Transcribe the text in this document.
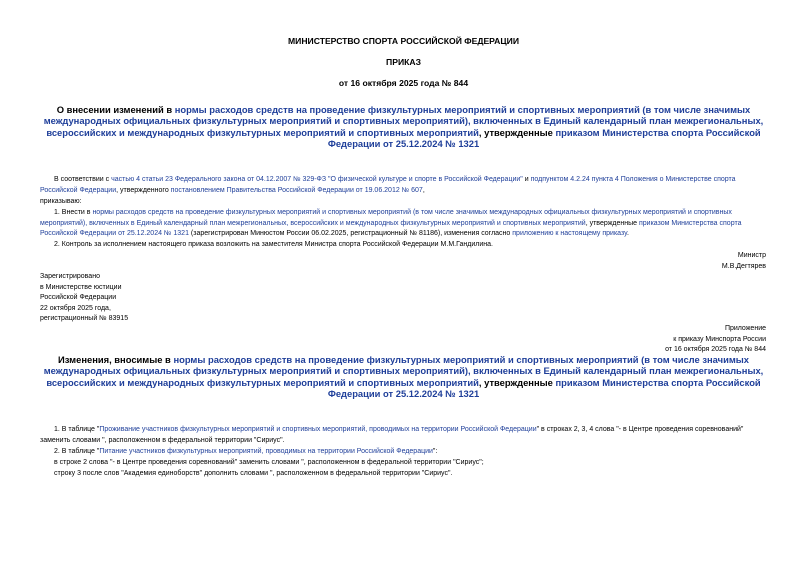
МИНИСТЕРСТВО СПОРТА РОССИЙСКОЙ ФЕДЕРАЦИИ
ПРИКАЗ
от 16 октября 2025 года № 844
О внесении изменений в нормы расходов средств на проведение физкультурных мероприятий и спортивных мероприятий (в том числе значимых международных официальных физкультурных мероприятий и спортивных мероприятий), включенных в Единый календарный план межрегиональных, всероссийских и международных физкультурных мероприятий и спортивных мероприятий, утвержденные приказом Министерства спорта Российской Федерации от 25.12.2024 № 1321
В соответствии с частью 4 статьи 23 Федерального закона от 04.12.2007 № 329-ФЗ "О физической культуре и спорте в Российской Федерации" и подпунктом 4.2.24 пункта 4 Положения о Министерстве спорта
Российской Федерации, утвержденного постановлением Правительства Российской Федерации от 19.06.2012 № 607,
приказываю:
1. Внести в нормы расходов средств на проведение физкультурных мероприятий и спортивных мероприятий (в том числе значимых международных официальных физкультурных мероприятий и спортивных
мероприятий), включенных в Единый календарный план межрегиональных, всероссийских и международных физкультурных мероприятий и спортивных мероприятий, утвержденные приказом Министерства спорта
Российской Федерации от 25.12.2024 № 1321 (зарегистрирован Минюстом России 06.02.2025, регистрационный № 81186), изменения согласно приложению к настоящему приказу.
2. Контроль за исполнением настоящего приказа возложить на заместителя Министра спорта Российской Федерации М.М.Гандилина.
Министр
М.В.Дегтярев
Зарегистрировано
в Министерстве юстиции
Российской Федерации
22 октября 2025 года,
регистрационный № 83915
Приложение
к приказу Минспорта России
от 16 октября 2025 года № 844
Изменения, вносимые в нормы расходов средств на проведение физкультурных мероприятий и спортивных мероприятий (в том числе значимых международных официальных физкультурных мероприятий и спортивных мероприятий), включенных в Единый календарный план межрегиональных, всероссийских и международных физкультурных мероприятий и спортивных мероприятий, утвержденные приказом Министерства спорта Российской Федерации от 25.12.2024 № 1321
1. В таблице "Проживание участников физкультурных мероприятий и спортивных мероприятий, проводимых на территории Российской Федерации" в строках 2, 3, 4 слова "- в Центре проведения соревнований"
заменить словами ", расположенном в федеральной территории "Сириус".
2. В таблице "Питание участников физкультурных мероприятий, проводимых на территории Российской Федерации":
в строке 2 слова "- в Центре проведения соревнований" заменить словами ", расположенном в федеральной территории "Сириус";
строку 3 после слов "Академия единоборств" дополнить словами ", расположенном в федеральной территории "Сириус".
